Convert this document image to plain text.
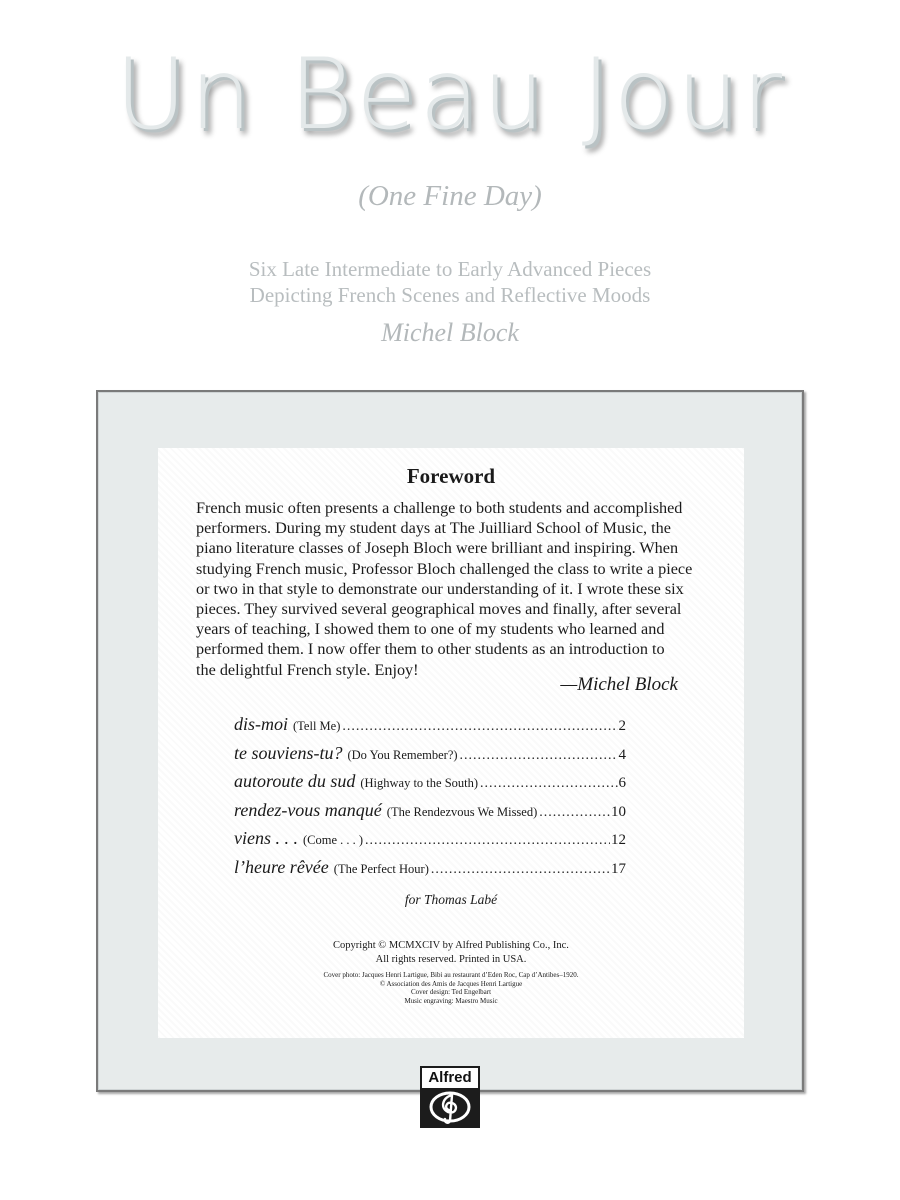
Un Beau Jour
(One Fine Day)
Six Late Intermediate to Early Advanced Pieces
Depicting French Scenes and Reflective Moods
Michel Block
Foreword
French music often presents a challenge to both students and accomplished
performers. During my student days at The Juilliard School of Music, the
piano literature classes of Joseph Bloch were brilliant and inspiring. When
studying French music, Professor Bloch challenged the class to write a piece
or two in that style to demonstrate our understanding of it. I wrote these six
pieces. They survived several geographical moves and finally, after several
years of teaching, I showed them to one of my students who learned and
performed them. I now offer them to other students as an introduction to
the delightful French style. Enjoy!
—Michel Block
dis-moi (Tell Me) .....	2
te souviens-tu? (Do You Remember?) .....	4
autoroute du sud (Highway to the South) .....	6
rendez-vous manqué (The Rendezvous We Missed) .....	10
viens . . . (Come . . . ) .....	12
l’heure rêvée (The Perfect Hour) .....	17
for Thomas Labé
Copyright © MCMXCIV by Alfred Publishing Co., Inc.
All rights reserved. Printed in USA.
Cover photo: Jacques Henri Lartigue, Bibi au restaurant d’Eden Roc, Cap d’Antibes–1920.
© Association des Amis de Jacques Henri Lartigue
Cover design: Ted Engelbart
Music engraving: Maestro Music
Alfred
